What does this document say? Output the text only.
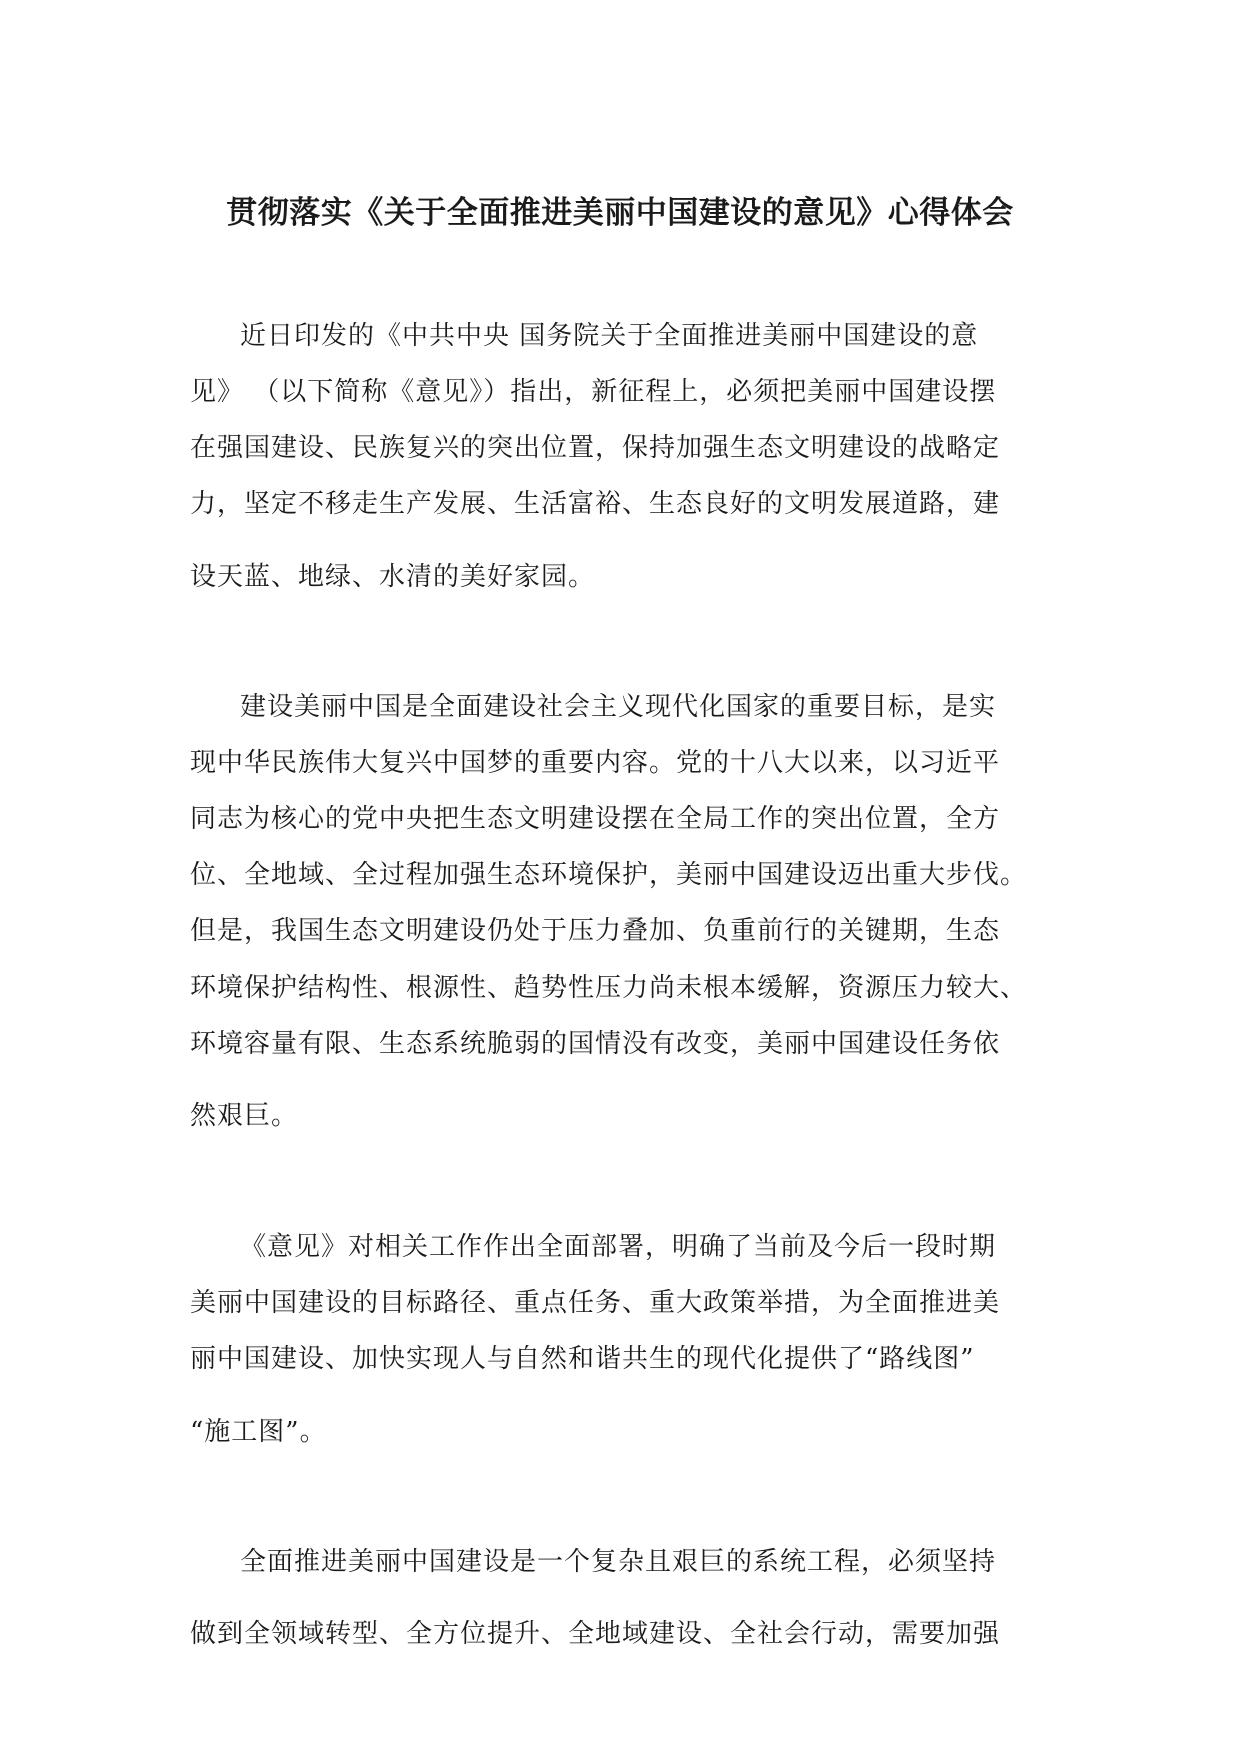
贯彻落实《关于全面推进美丽中国建设的意见》心得体会
近日印发的《中共中央 国务院关于全面推进美丽中国建设的意
见》 （以下简称《意见》）指出，新征程上，必须把美丽中国建设摆
在强国建设、民族复兴的突出位置，保持加强生态文明建设的战略定
力，坚定不移走生产发展、生活富裕、生态良好的文明发展道路，建
设天蓝、地绿、水清的美好家园。
建设美丽中国是全面建设社会主义现代化国家的重要目标，是实
现中华民族伟大复兴中国梦的重要内容。党的十八大以来，以习近平
同志为核心的党中央把生态文明建设摆在全局工作的突出位置，全方
位、全地域、全过程加强生态环境保护，美丽中国建设迈出重大步伐。
但是，我国生态文明建设仍处于压力叠加、负重前行的关键期，生态
环境保护结构性、根源性、趋势性压力尚未根本缓解，资源压力较大、
环境容量有限、生态系统脆弱的国情没有改变，美丽中国建设任务依
然艰巨。
《意见》对相关工作作出全面部署，明确了当前及今后一段时期
美丽中国建设的目标路径、重点任务、重大政策举措，为全面推进美
丽中国建设、加快实现人与自然和谐共生的现代化提供了“路线图”
“施工图”。
全面推进美丽中国建设是一个复杂且艰巨的系统工程，必须坚持
做到全领域转型、全方位提升、全地域建设、全社会行动，需要加强
